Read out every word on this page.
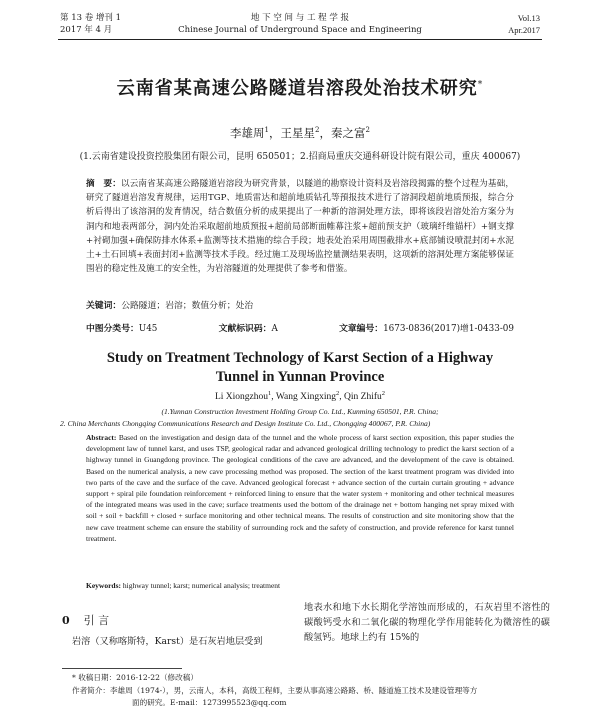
第 13 卷 增刊 1
2017 年 4 月
地 下 空 间 与 工 程 学 报
Chinese Journal of Underground Space and Engineering
Vol.13
Apr.2017
云南省某高速公路隧道岩溶段处治技术研究*
李雄周$^1$，王星星$^2$，秦之富$^2$
(1.云南省建设投资控股集团有限公司，昆明 650501；2.招商局重庆交通科研设计院有限公司，重庆 400067)
摘　要：以云南省某高速公路隧道岩溶段为研究背景，以隧道的勘察设计资料及岩溶段揭露的整个过程为基础，研究了隧道岩溶发育规律，运用TGP、地质雷达和超前地质钻孔等預报技术进行了溶洞段超前地质预报，综合分析后得出了该溶洞的发育情况，结合数值分析的成果提出了一种新的溶洞处理方法，即将该段岩溶处治方案分为洞内和地表两部分，洞内处治采取超前地质预报+超前局部断面帷幕注浆+超前预支护（玻璃纤维锚杆）+钢支撑+衬砌加强+确保防排水体系+监测等技术措施的综合手段；地表处治采用周围截排水+底部铺设喷混封闭+水泥土+土石回填+表面封闭+监测等技术手段。经过施工及现场监控量测结果表明，这项新的溶洞处理方案能够保证围岩的稳定性及施工的安全性，为岩溶隧道的处理提供了参考和借鉴。
关键词：公路隧道；岩溶；数值分析；处治
中图分类号：U45	文献标识码：A	文章编号：1673-0836(2017)增1-0433-09
Study on Treatment Technology of Karst Section of a Highway
Tunnel in Yunnan Province
Li Xiongzhou$^1$, Wang Xingxing$^2$, Qin Zhifu$^2$
(1.Yunnan Construction Investment Holding Group Co. Ltd., Kunming 650501, P.R. China;
2. China Merchants Chongqing Communications Research and Design Institute Co. Ltd., Chongqing 400067, P.R. China)
Abstract: Based on the investigation and design data of the tunnel and the whole process of karst section exposition, this paper studies the development law of tunnel karst, and uses TSP, geological radar and advanced geological drilling technology to predict the karst section of a highway tunnel in Guangdong province. The geological conditions of the cave are advanced, and the development of the cave is obtained. Based on the numerical analysis, a new cave processing method was proposed. The section of the karst treatment program was divided into two parts of the cave and the surface of the cave. Advanced geological forecast + advance section of the curtain curtain grouting + advance support + spiral pile foundation reinforcement + reinforced lining to ensure that the water system + monitoring and other technical measures of the integrated means was used in the cave; surface treatments used the bottom of the drainage net + bottom hanging net spray mixed with soil + soil + backfill + closed + surface monitoring and other technical means. The results of construction and site monitoring show that the new cave treatment scheme can ensure the stability of surrounding rock and the safety of construction, and provide reference for karst tunnel treatment.
Keywords: highway tunnel; karst; numerical analysis; treatment
0 引 言
岩溶（又称喀斯特，Karst）是石灰岩地层受到
地表水和地下水长期化学溶蚀而形成的，石灰岩里不溶性的碳酸钙受水和二氧化碳的物理化学作用能转化为微溶性的碳酸氢钙。地球上约有 15%的
* 收稿日期：2016-12-22（修改稿）
作者简介：李雄周（1974-），男，云南人，本科，高级工程师，主要从事高速公路路、桥、隧道施工技术及建设管理等方
面的研究。E-mail：1273995523@qq.com
